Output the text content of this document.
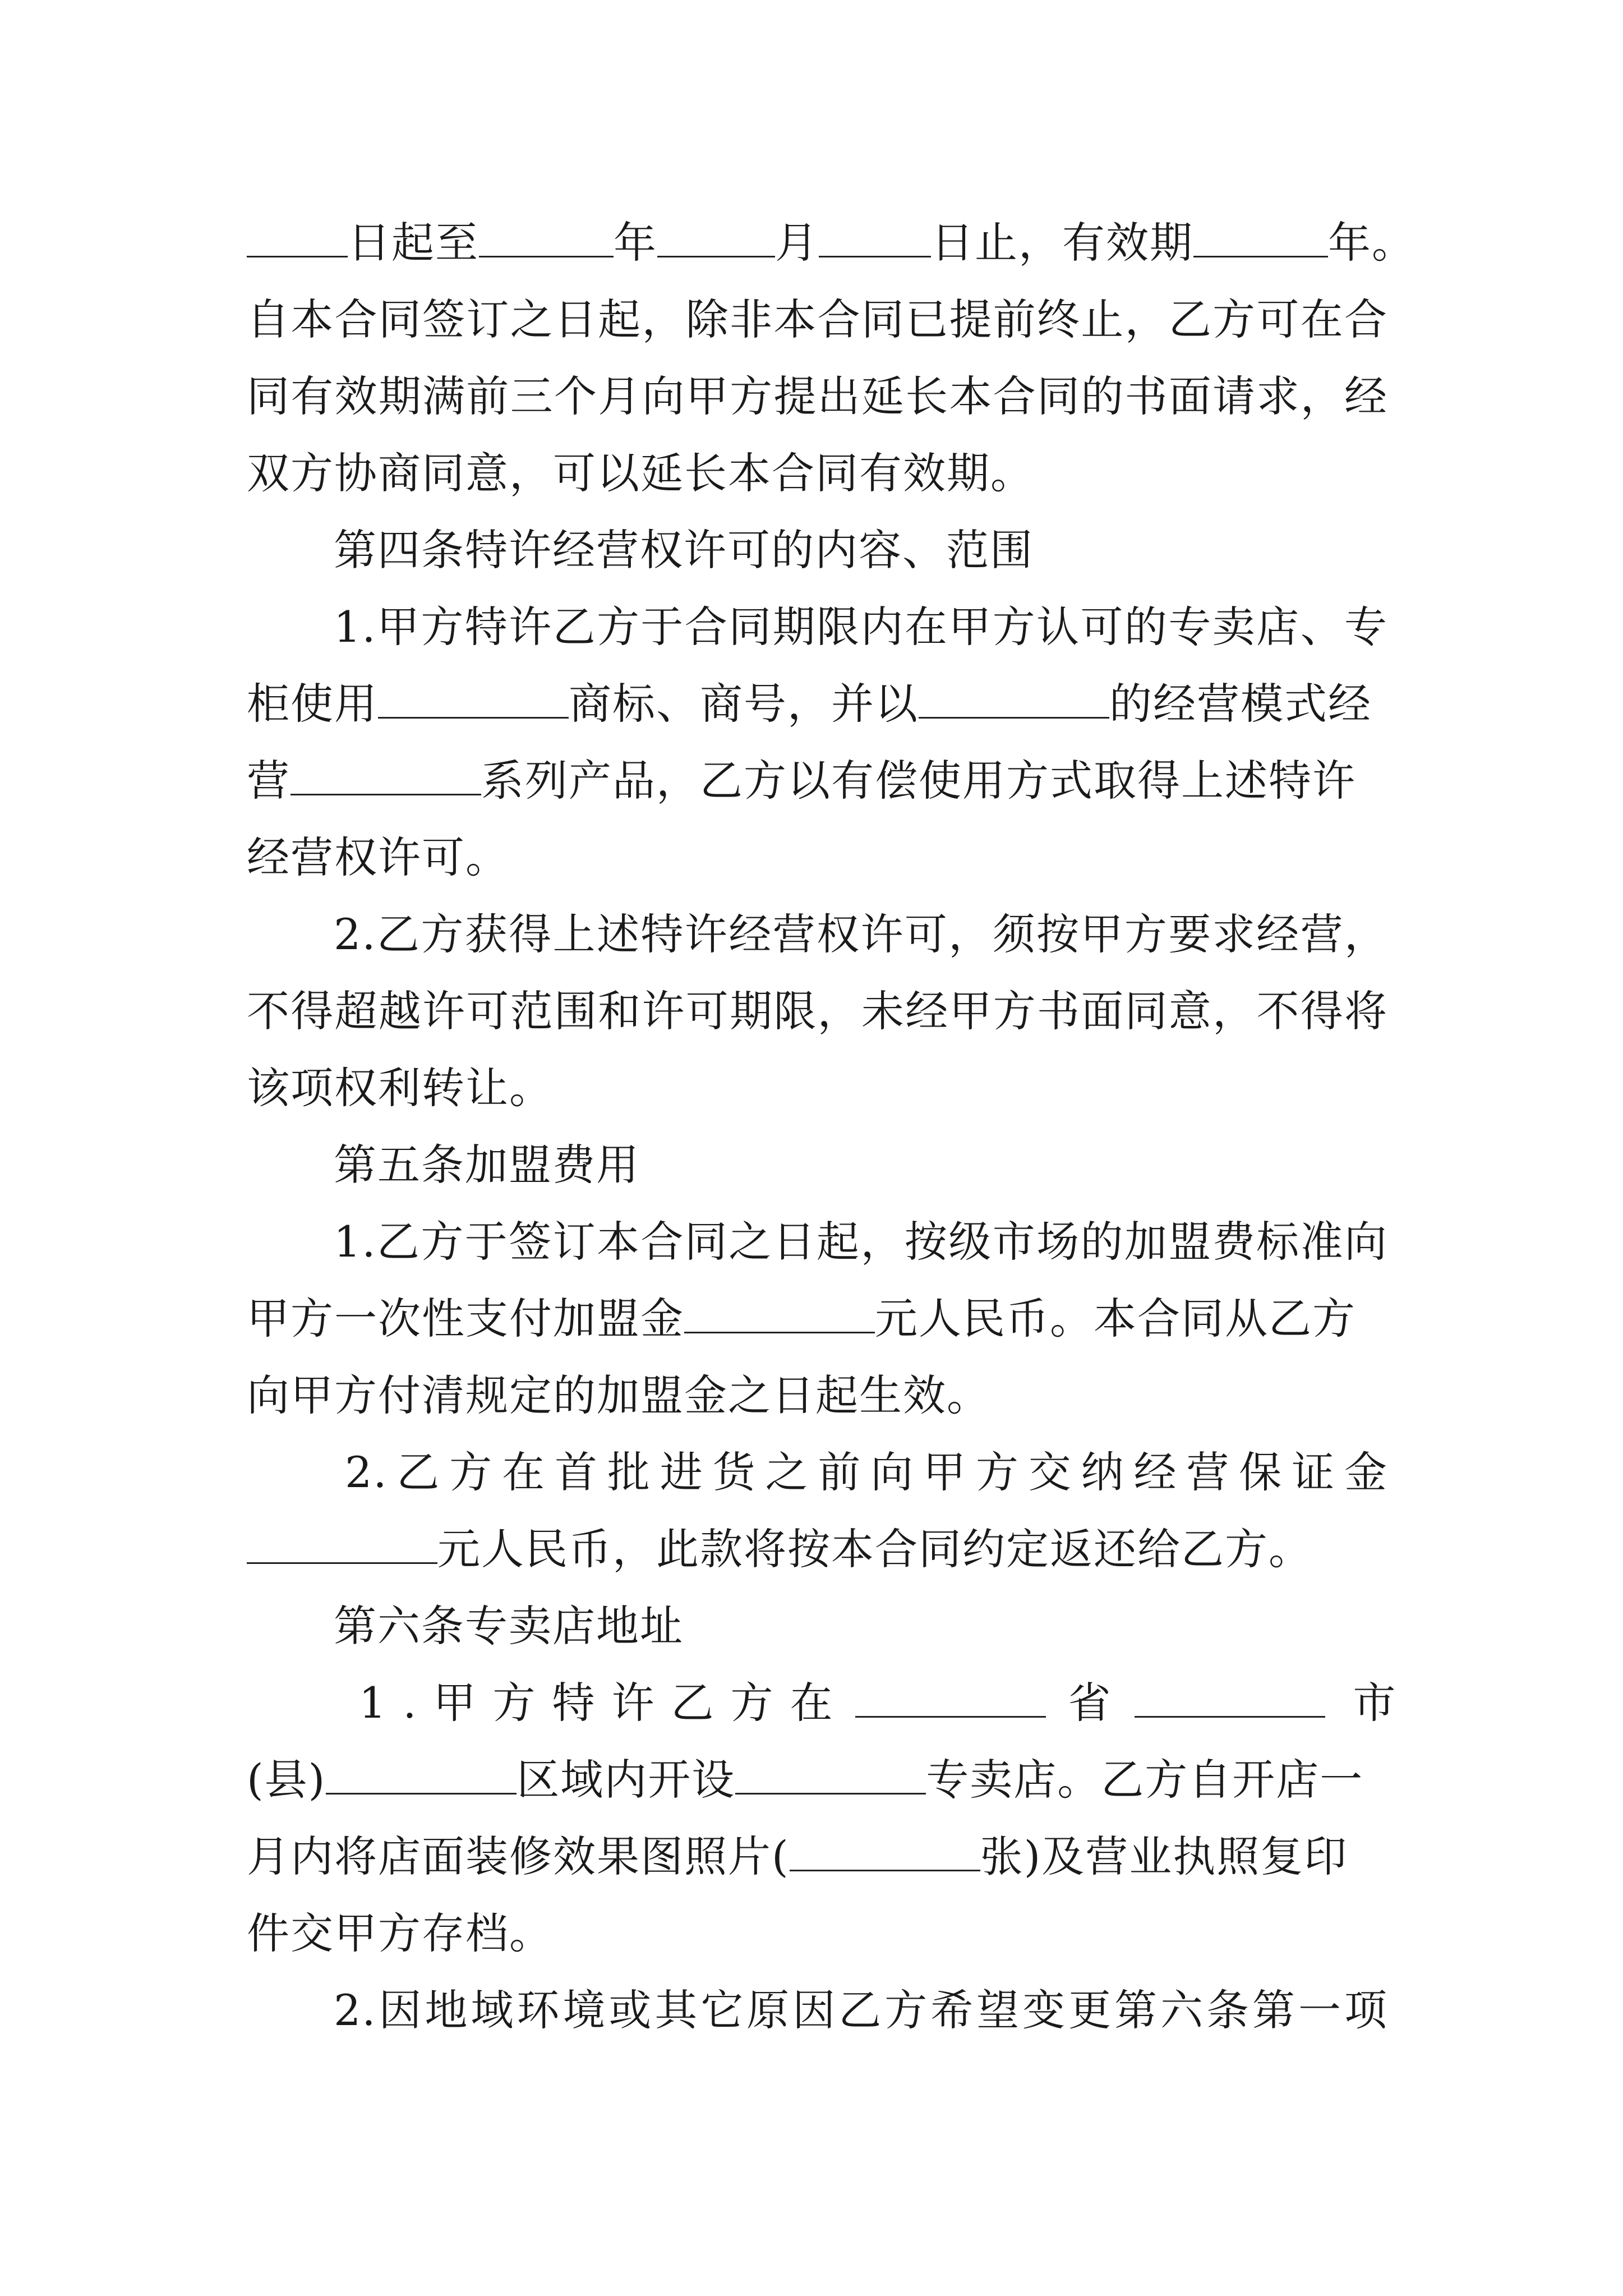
日起至	年	月	日止，有效期	年。
自本合同签订之日起，除非本合同已提前终止，乙方可在合
同有效期满前三个月向甲方提出延长本合同的书面请求，经
双方协商同意，可以延长本合同有效期。
第四条特许经营权许可的内容、范围
1.甲方特许乙方于合同期限内在甲方认可的专卖店、专
柜使用	商标、商号，并以	的经营模式经
营	系列产品，乙方以有偿使用方式取得上述特许
经营权许可。
2.乙方获得上述特许经营权许可，须按甲方要求经营，
不得超越许可范围和许可期限，未经甲方书面同意，不得将
该项权利转让。
第五条加盟费用
1.乙方于签订本合同之日起，按级市场的加盟费标准向
甲方一次性支付加盟金	元人民币。本合同从乙方
向甲方付清规定的加盟金之日起生效。
2.乙方在首批进货之前向甲方交纳经营保证金
元人民币，此款将按本合同约定返还给乙方。
第六条专卖店地址
1.甲方特许乙方在	省	市
(县)	区域内开设	专卖店。乙方自开店一
月内将店面装修效果图照片(	张)及营业执照复印
件交甲方存档。
2.因地域环境或其它原因乙方希望变更第六条第一项
